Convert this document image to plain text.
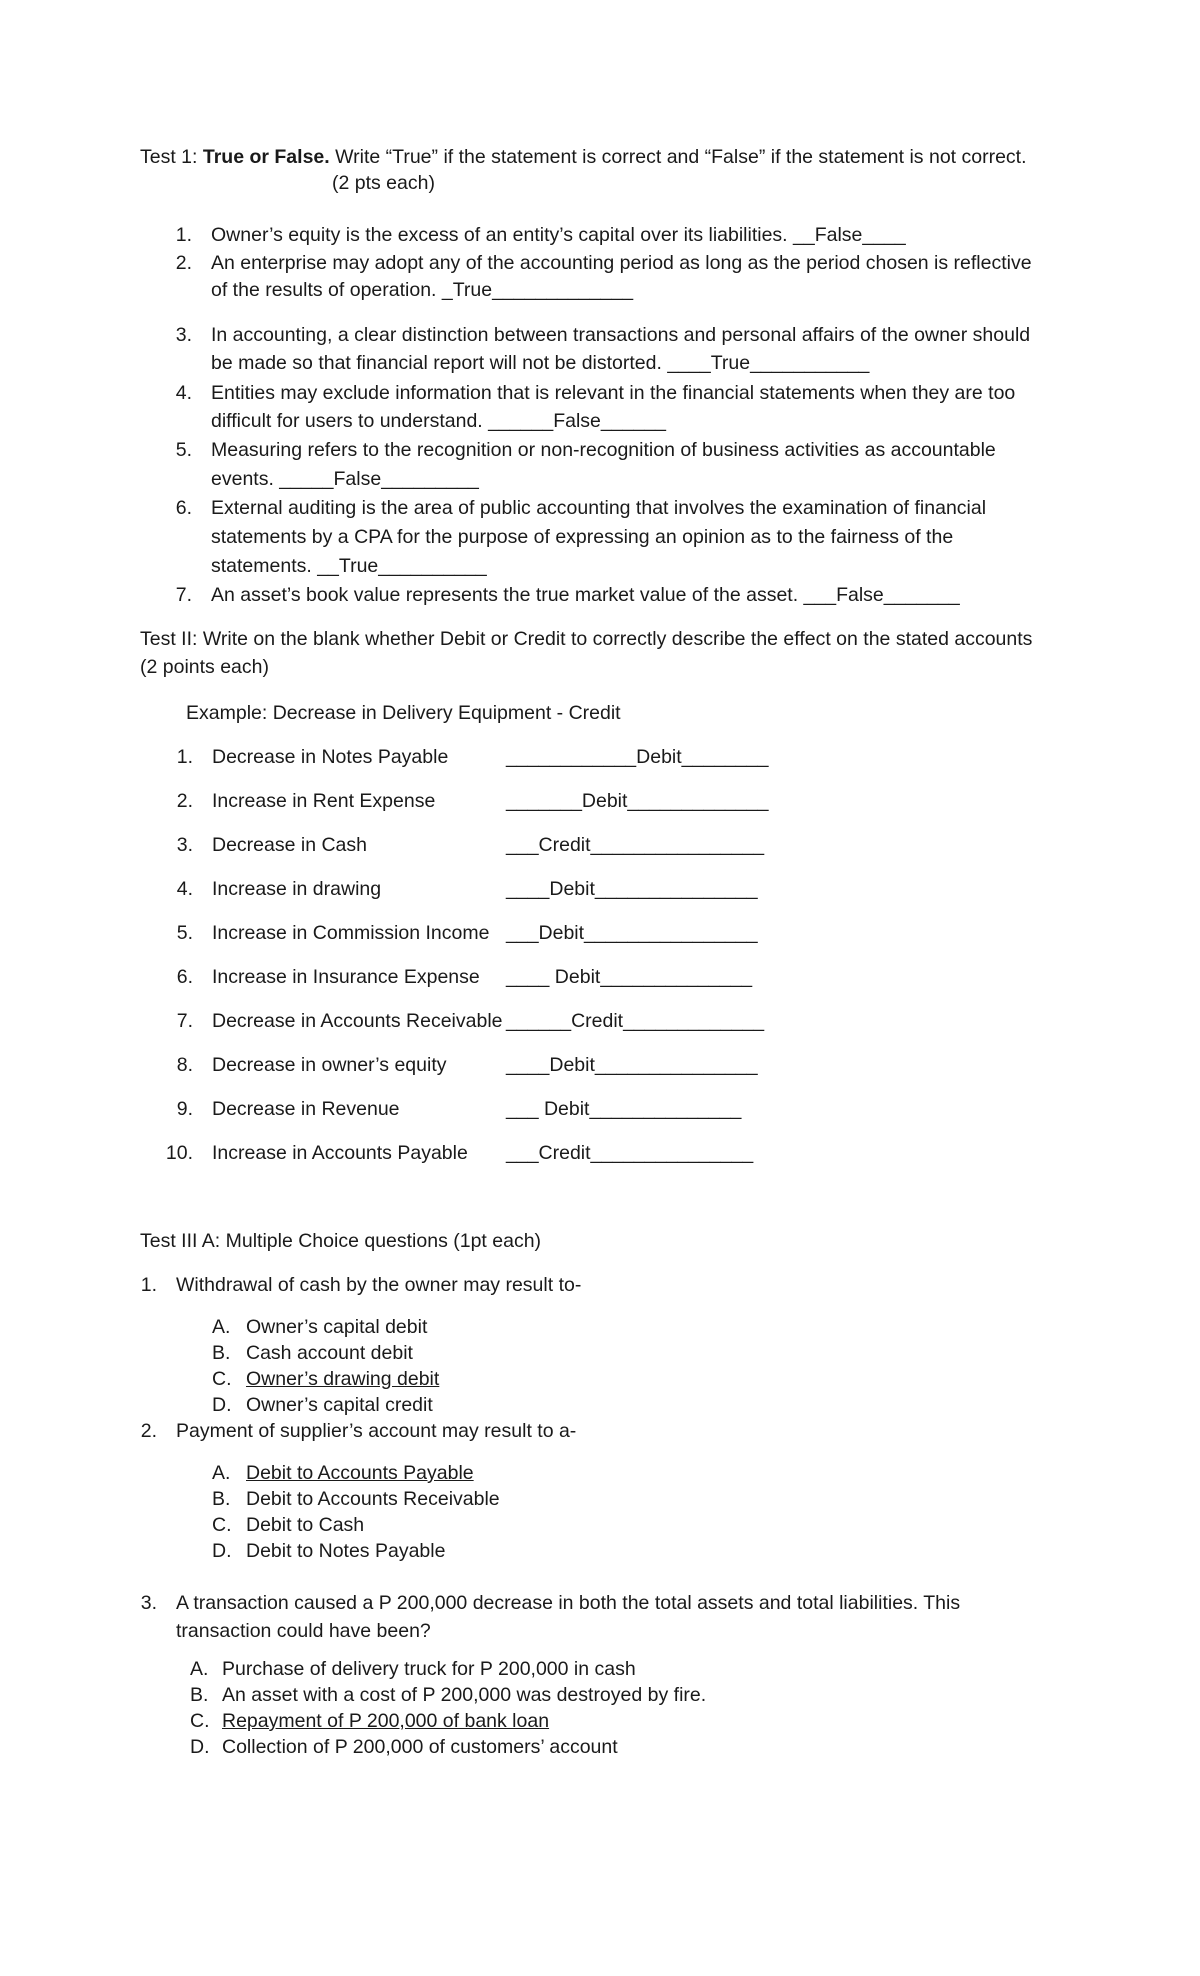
Test 1: True or False. Write “True” if the statement is correct and “False” if the statement is not correct.
(2 pts each)
1. Owner’s equity is the excess of an entity’s capital over its liabilities. __False____
2. An enterprise may adopt any of the accounting period as long as the period chosen is reflective
of the results of operation. _True_____________
3. In accounting, a clear distinction between transactions and personal affairs of the owner should
be made so that financial report will not be distorted. ____True___________
4. Entities may exclude information that is relevant in the financial statements when they are too
difficult for users to understand. ______False______
5. Measuring refers to the recognition or non-recognition of business activities as accountable
events. _____False_________
6. External auditing is the area of public accounting that involves the examination of financial
statements by a CPA for the purpose of expressing an opinion as to the fairness of the
statements. __True__________
7. An asset’s book value represents the true market value of the asset. ___False_______
Test II: Write on the blank whether Debit or Credit to correctly describe the effect on the stated accounts
(2 points each)
Example: Decrease in Delivery Equipment - Credit
1. Decrease in Notes Payable	____________Debit________
2. Increase in Rent Expense	_______Debit_____________
3. Decrease in Cash	___Credit________________
4. Increase in drawing	____Debit_______________
5. Increase in Commission Income ___Debit________________
6. Increase in Insurance Expense ____ Debit______________
7. Decrease in Accounts Receivable ______Credit_____________
8. Decrease in owner’s equity	____Debit_______________
9. Decrease in Revenue	___ Debit______________
10. Increase in Accounts Payable ___Credit_______________
Test III A: Multiple Choice questions (1pt each)
1. Withdrawal of cash by the owner may result to-
A. Owner’s capital debit
B. Cash account debit
C. Owner’s drawing debit
D. Owner’s capital credit
2. Payment of supplier’s account may result to a-
A. Debit to Accounts Payable
B. Debit to Accounts Receivable
C. Debit to Cash
D. Debit to Notes Payable
3. A transaction caused a P 200,000 decrease in both the total assets and total liabilities. This
transaction could have been?
A. Purchase of delivery truck for P 200,000 in cash
B. An asset with a cost of P 200,000 was destroyed by fire.
C. Repayment of P 200,000 of bank loan
D. Collection of P 200,000 of customers’ account
